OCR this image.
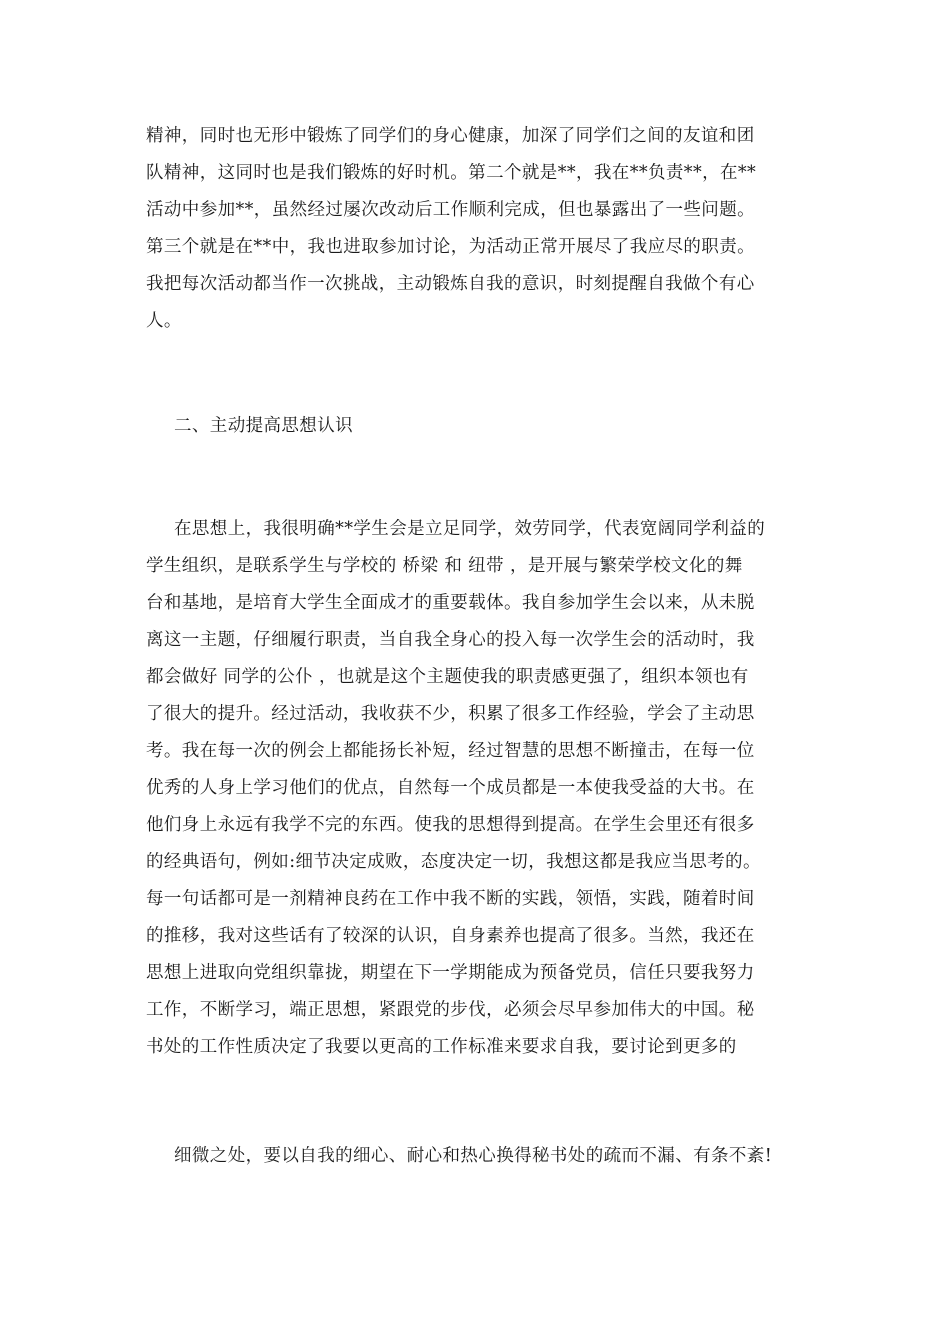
精神，同时也无形中锻炼了同学们的身心健康，加深了同学们之间的友谊和团
队精神，这同时也是我们锻炼的好时机。第二个就是**，我在**负责**，在**
活动中参加**，虽然经过屡次改动后工作顺利完成，但也暴露出了一些问题。
第三个就是在**中，我也进取参加讨论，为活动正常开展尽了我应尽的职责。
我把每次活动都当作一次挑战，主动锻炼自我的意识，时刻提醒自我做个有心
人。
二、主动提高思想认识
在思想上，我很明确**学生会是立足同学，效劳同学，代表宽阔同学利益的
学生组织，是联系学生与学校的 桥梁 和 纽带 ，是开展与繁荣学校文化的舞
台和基地，是培育大学生全面成才的重要载体。我自参加学生会以来，从未脱
离这一主题，仔细履行职责，当自我全身心的投入每一次学生会的活动时，我
都会做好 同学的公仆 ，也就是这个主题使我的职责感更强了，组织本领也有
了很大的提升。经过活动，我收获不少，积累了很多工作经验，学会了主动思
考。我在每一次的例会上都能扬长补短，经过智慧的思想不断撞击，在每一位
优秀的人身上学习他们的优点，自然每一个成员都是一本使我受益的大书。在
他们身上永远有我学不完的东西。使我的思想得到提高。在学生会里还有很多
的经典语句，例如:细节决定成败，态度决定一切，我想这都是我应当思考的。
每一句话都可是一剂精神良药在工作中我不断的实践，领悟，实践，随着时间
的推移，我对这些话有了较深的认识，自身素养也提高了很多。当然，我还在
思想上进取向党组织靠拢，期望在下一学期能成为预备党员，信任只要我努力
工作，不断学习，端正思想，紧跟党的步伐，必须会尽早参加伟大的中国。秘
书处的工作性质决定了我要以更高的工作标准来要求自我，要讨论到更多的
细微之处，要以自我的细心、耐心和热心换得秘书处的疏而不漏、有条不紊!
